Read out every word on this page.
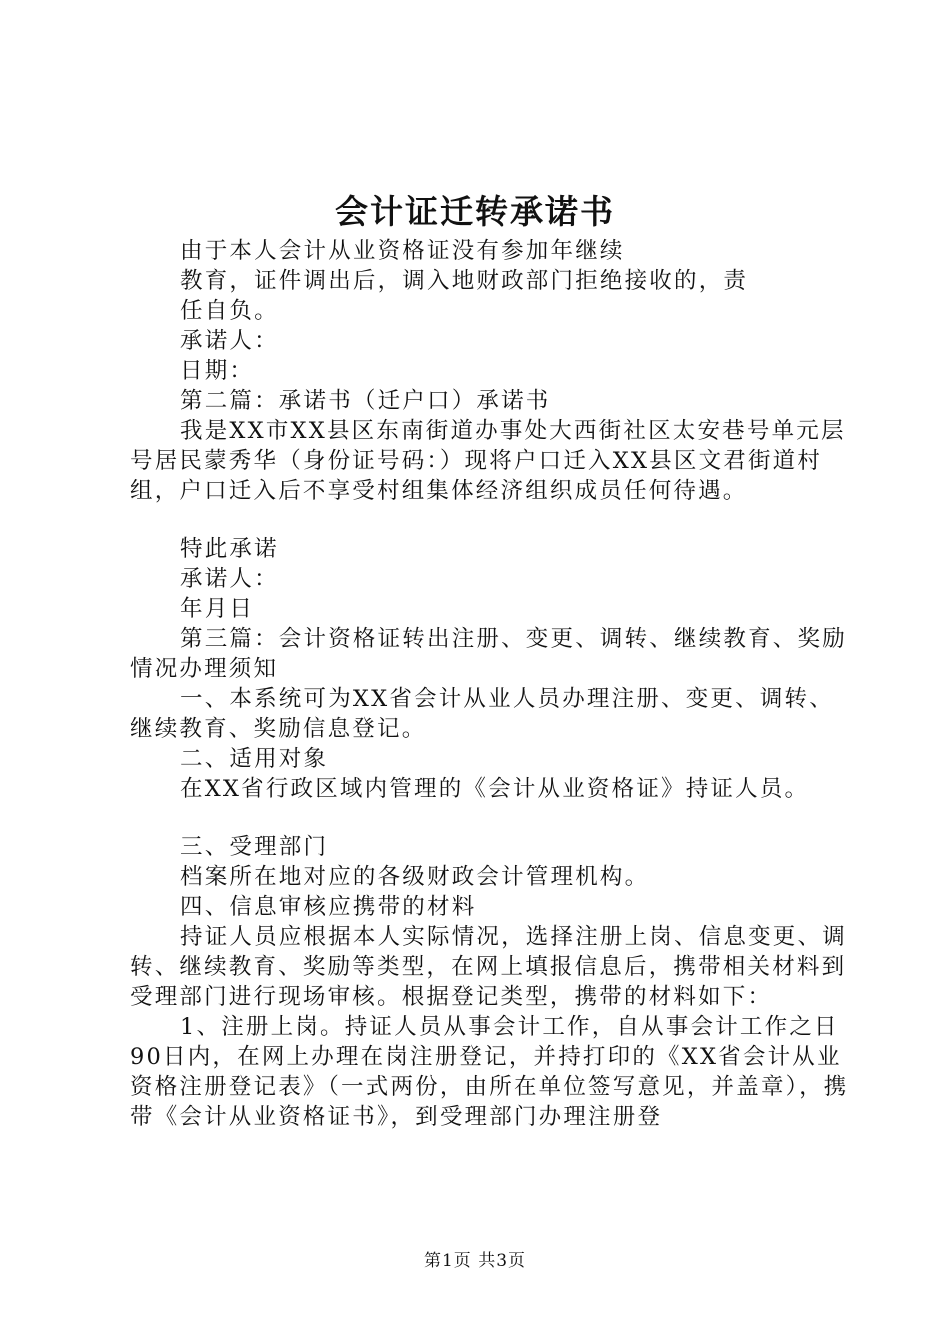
会计证迁转承诺书

由于本人会计从业资格证没有参加年继续

教育，证件调出后，调入地财政部门拒绝接收的，责

任自负。

承诺人：

日期：

第二篇：承诺书（迁户口）承诺书

我是XX市XX县区东南街道办事处大西街社区太安巷号单元层号居民蒙秀华（身份证号码：）现将户口迁入XX县区文君街道村组，户口迁入后不享受村组集体经济组织成员任何待遇。

特此承诺

承诺人：

年月日

第三篇：会计资格证转出注册、变更、调转、继续教育、奖励情况办理须知

一、本系统可为XX省会计从业人员办理注册、变更、调转、继续教育、奖励信息登记。

二、适用对象

在XX省行政区域内管理的《会计从业资格证》持证人员。

三、受理部门

档案所在地对应的各级财政会计管理机构。

四、信息审核应携带的材料

持证人员应根据本人实际情况，选择注册上岗、信息变更、调转、继续教育、奖励等类型，在网上填报信息后，携带相关材料到受理部门进行现场审核。根据登记类型，携带的材料如下：

1、注册上岗。持证人员从事会计工作，自从事会计工作之日90日内，在网上办理在岗注册登记，并持打印的《XX省会计从业资格注册登记表》（一式两份，由所在单位签写意见，并盖章），携带《会计从业资格证书》，到受理部门办理注册登

第1页 共3页
